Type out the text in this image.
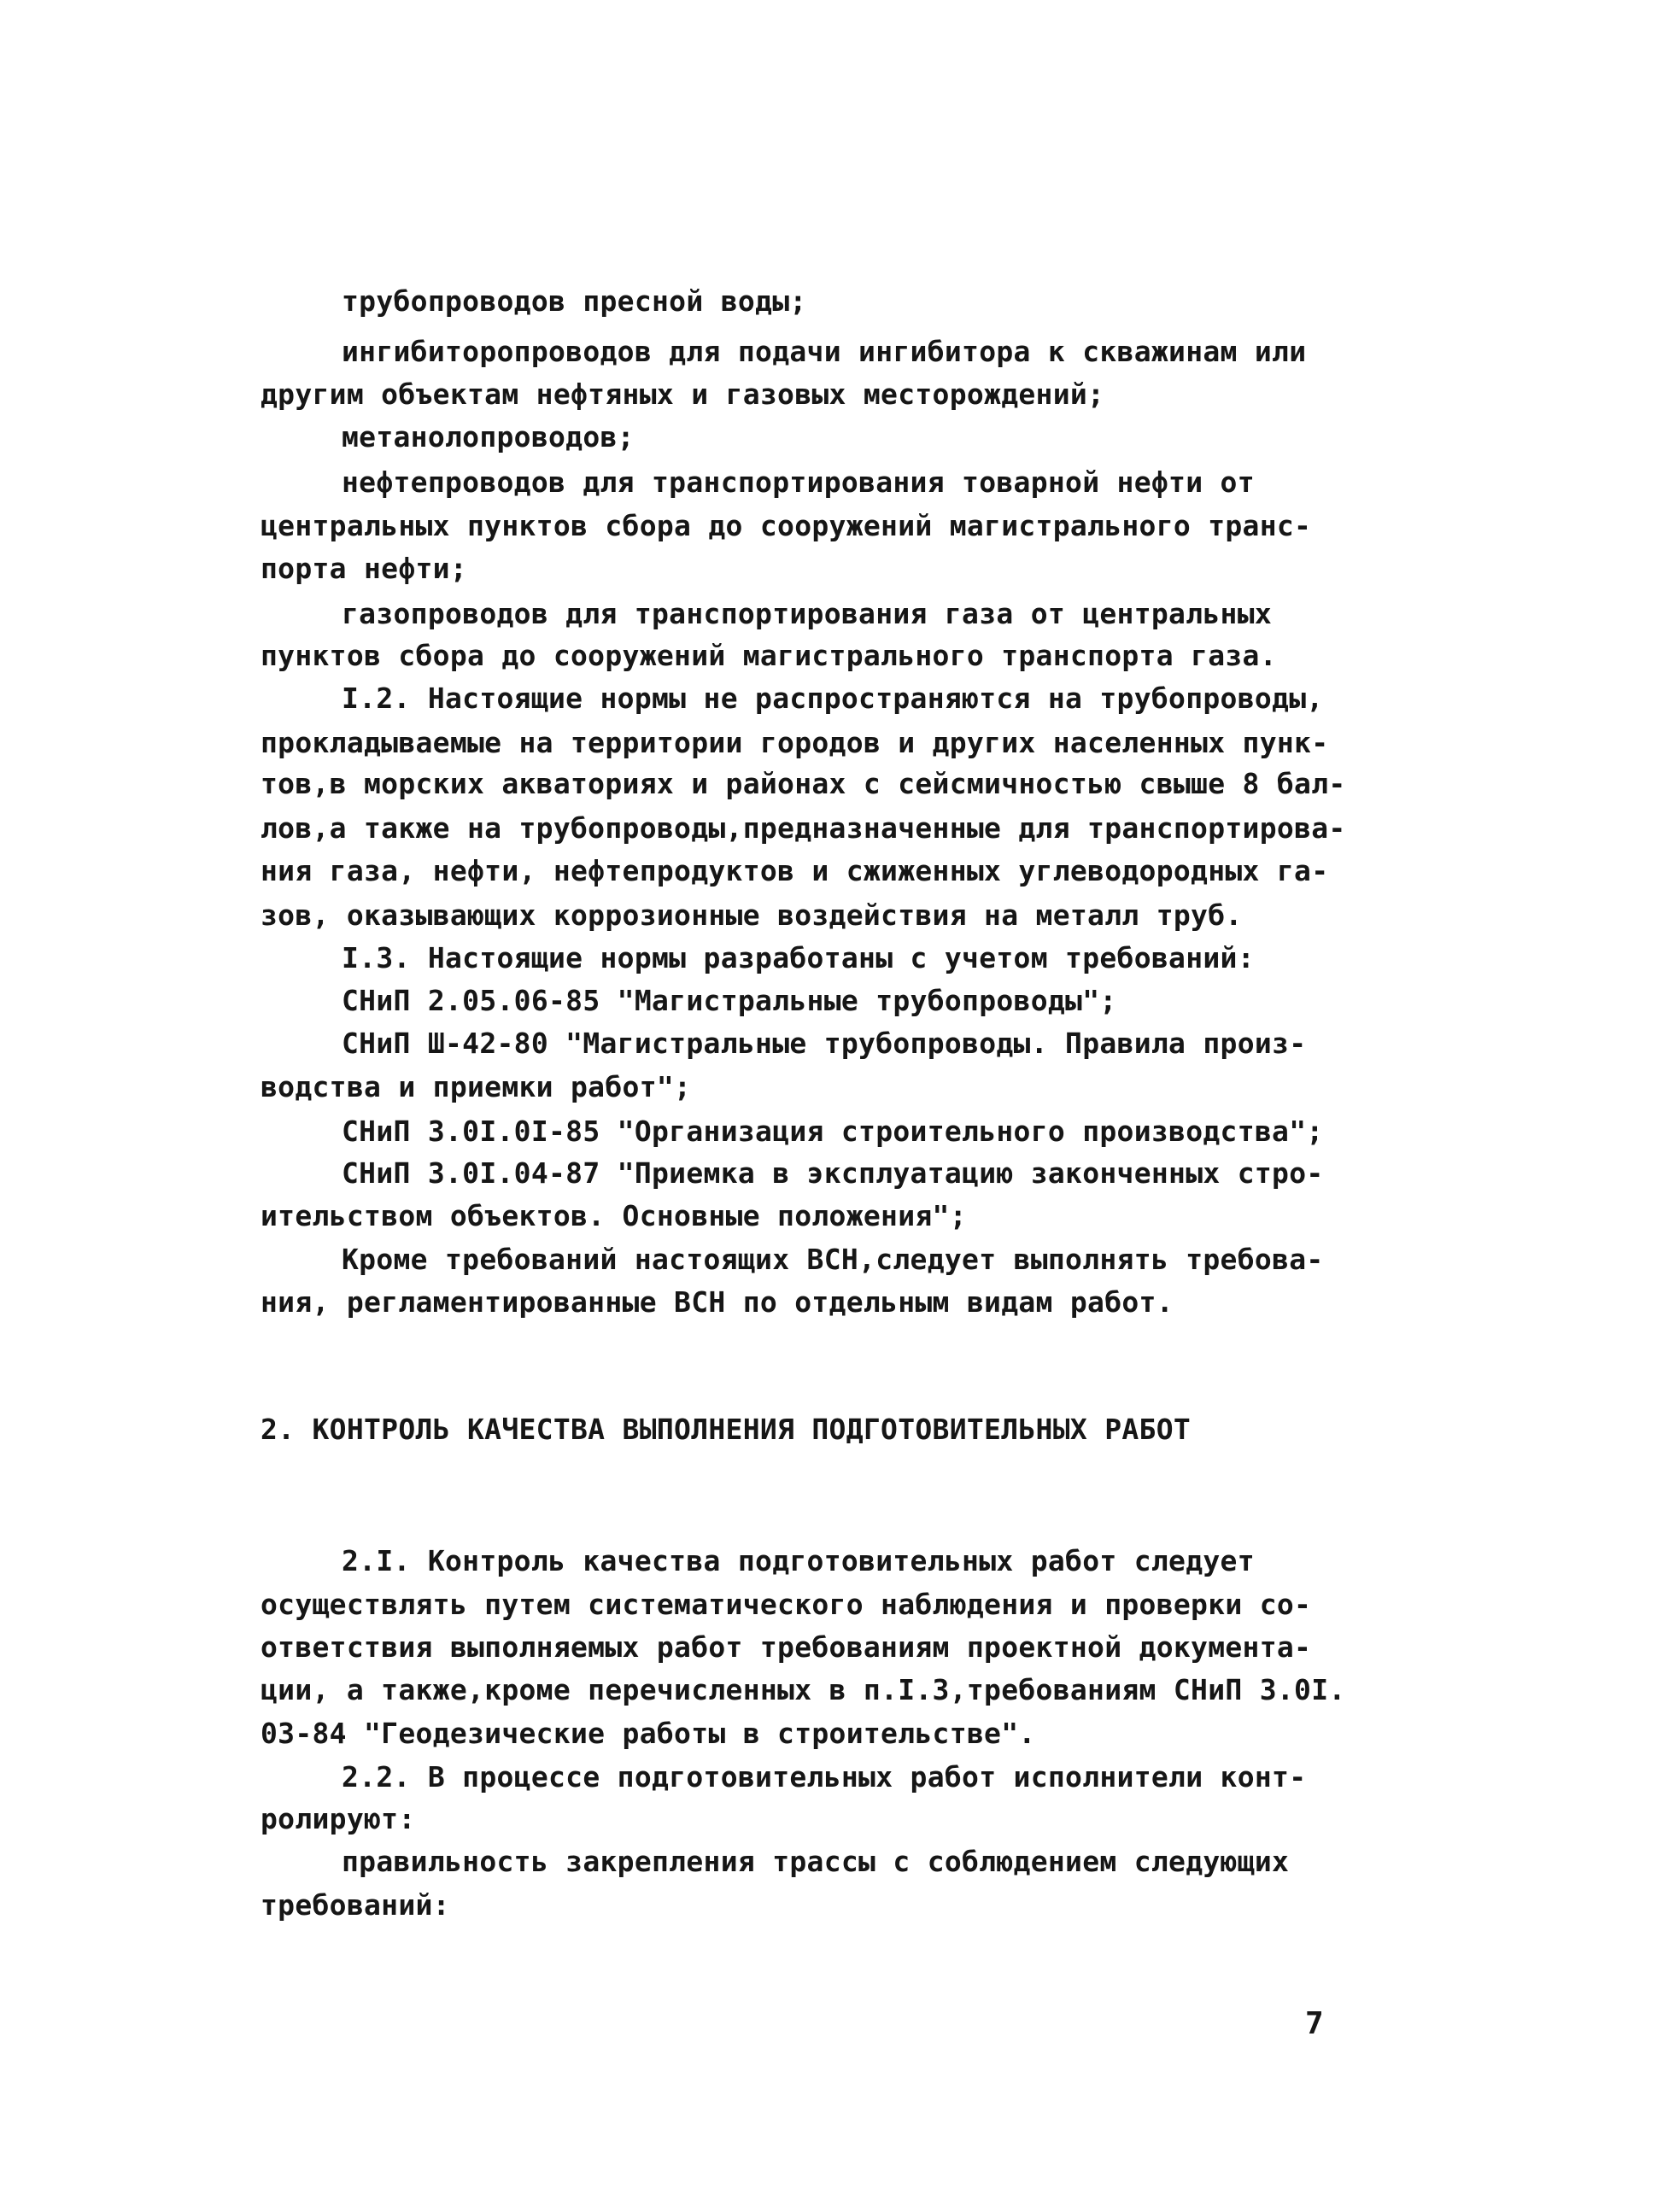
трубопроводов пресной воды;
ингибиторопроводов для подачи ингибитора к скважинам или
другим объектам нефтяных и газовых месторождений;
метанолопроводов;
нефтепроводов для транспортирования товарной нефти от
центральных пунктов сбора до сооружений магистрального транс-
порта нефти;
газопроводов для транспортирования газа от центральных
пунктов сбора до сооружений магистрального транспорта газа.
I.2. Настоящие нормы не распространяются на трубопроводы,
прокладываемые на территории городов и других населенных пунк-
тов,в морских акваториях и районах с сейсмичностью свыше 8 бал-
лов,а также на трубопроводы,предназначенные для транспортирова-
ния газа, нефти, нефтепродуктов и сжиженных углеводородных га-
зов, оказывающих коррозионные воздействия на металл труб.
I.3. Настоящие нормы разработаны с учетом требований:
СНиП 2.05.06-85 "Магистральные трубопроводы";
СНиП Ш-42-80 "Магистральные трубопроводы. Правила произ-
водства и приемки работ";
СНиП 3.0I.0I-85 "Организация строительного производства";
СНиП 3.0I.04-87 "Приемка в эксплуатацию законченных стро-
ительством объектов. Основные положения";
Кроме требований настоящих ВСН,следует выполнять требова-
ния, регламентированные ВСН по отдельным видам работ.
2. КОНТРОЛЬ КАЧЕСТВА ВЫПОЛНЕНИЯ ПОДГОТОВИТЕЛЬНЫХ РАБОТ
2.I. Контроль качества подготовительных работ следует
осуществлять путем систематического наблюдения и проверки со-
ответствия выполняемых работ требованиям проектной документа-
ции, а также,кроме перечисленных в п.I.3,требованиям СНиП 3.0I.
03-84 "Геодезические работы в строительстве".
2.2. В процессе подготовительных работ исполнители конт-
ролируют:
правильность закрепления трассы с соблюдением следующих
требований:
7
